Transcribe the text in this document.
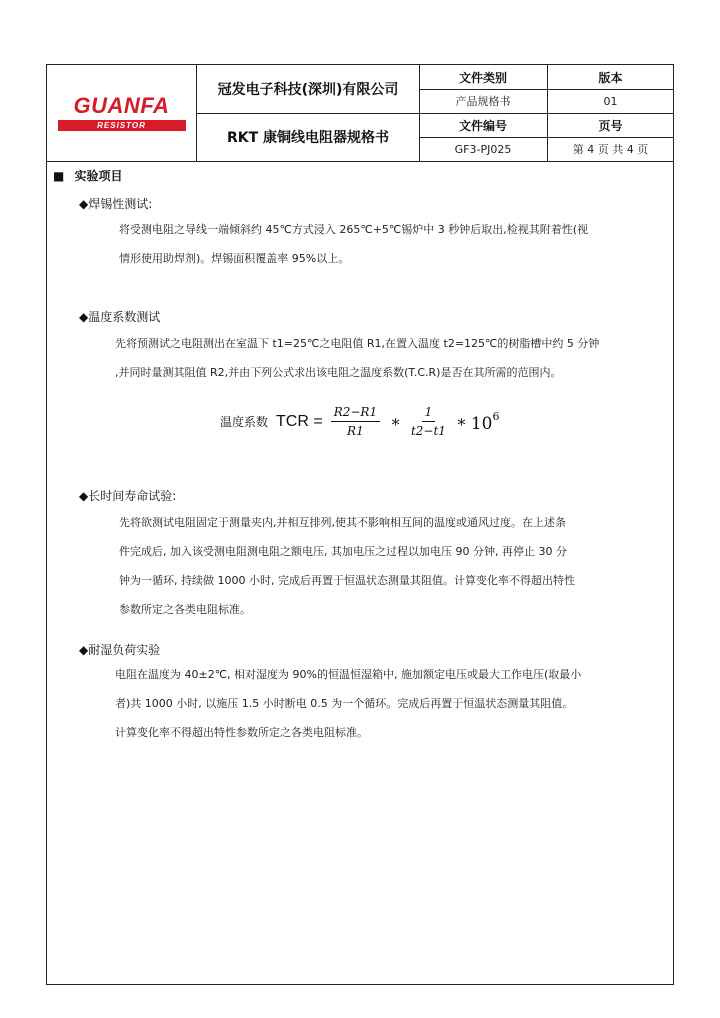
GUANFA
RESISTOR
冠发电子科技(深圳)有限公司
RKT 康铜线电阻器规格书
文件类别
产品规格书
文件编号
GF3-PJ025
版本
01
页号
第 4 页 共 4 页
■ 实验项目
◆焊锡性测试:
将受测电阻之导线一端倾斜约 45℃方式浸入 265℃+5℃锡炉中 3 秒钟后取出,检视其附着性(视
情形使用助焊剂)。焊锡面积覆盖率 95%以上。
◆温度系数测试
先将预测试之电阻测出在室温下 t1=25℃之电阻值 R1,在置入温度 t2=125℃的树脂槽中约 5 分钟
,并同时量测其阻值 R2,并由下列公式求出该电阻之温度系数(T.C.R)是否在其所需的范围内。
温度系数 TCR = $\frac{R2-R1}{R1}$ ∗ $\frac{1}{t2-t1}$ ∗ $10^6$
◆长时间寿命试验:
先将欲测试电阻固定于测量夹内,并相互排列,使其不影响相互间的温度或通风过度。在上述条
件完成后, 加入该受测电阻测电阻之额电压, 其加电压之过程以加电压 90 分钟, 再停止 30 分
钟为一循环, 持续做 1000 小时, 完成后再置于恒温状态测量其阻值。计算变化率不得超出特性
参数所定之各类电阻标准。
◆耐湿负荷实验
电阻在温度为 40±2℃, 相对湿度为 90%的恒温恒湿箱中, 施加额定电压或最大工作电压(取最小
者)共 1000 小时, 以施压 1.5 小时断电 0.5 为一个循环。完成后再置于恒温状态测量其阻值。
计算变化率不得超出特性参数所定之各类电阻标准。
